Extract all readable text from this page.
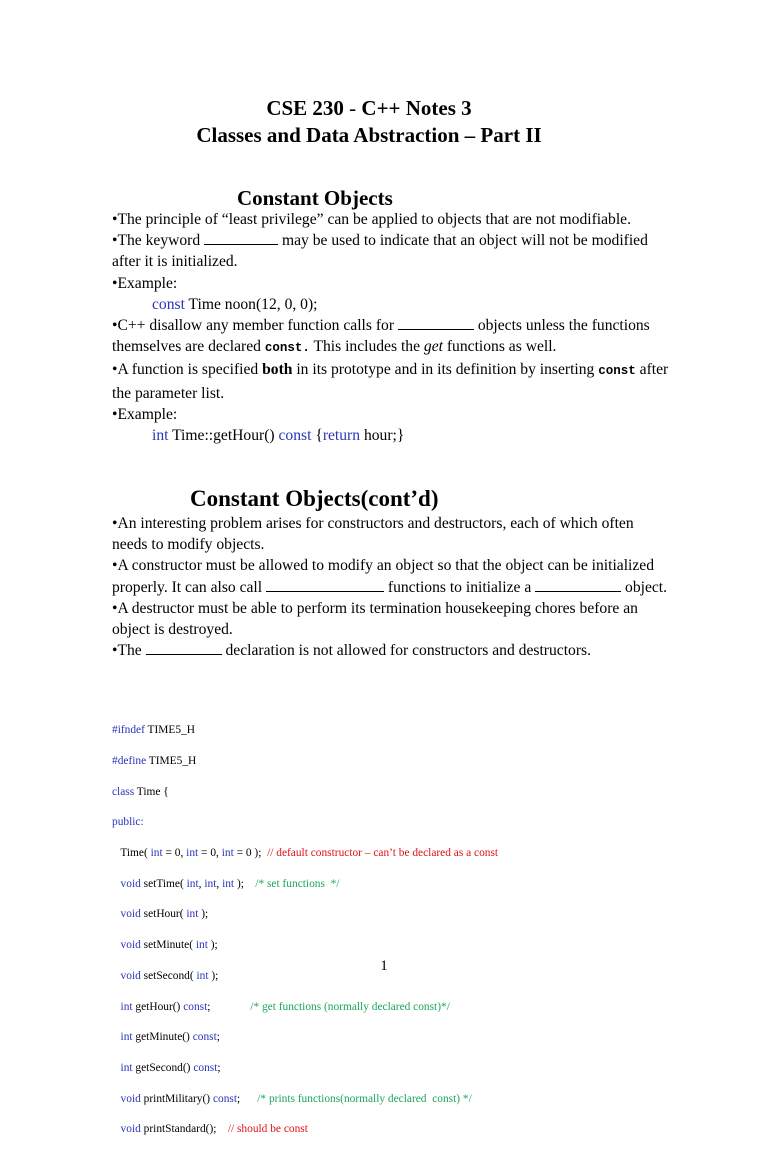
CSE 230 - C++ Notes 3
Classes and Data Abstraction – Part II
Constant Objects

•The principle of “least privilege” can be applied to objects that are not modifiable.

•The keyword	may be used to indicate that an object will not be modified after it is initialized.

•Example:

const Time noon(12, 0, 0);

•C++ disallow any member function calls for	objects unless the functions themselves are declared const. This includes the get functions as well.

•A function is specified both in its prototype and in its definition by inserting const after the parameter list.

•Example:

int Time::getHour() const {return hour;}

Constant Objects(cont’d)

•An interesting problem arises for constructors and destructors, each of which often needs to modify objects.

•A constructor must be allowed to modify an object so that the object can be initialized properly. It can also call	functions to initialize a	object.

•A destructor must be able to perform its termination housekeeping chores before an object is destroyed.

•The	declaration is not allowed for constructors and destructors.

#ifndef TIME5_H

#define TIME5_H

class Time {

public:

Time( int = 0, int = 0, int = 0 );  // default constructor – can’t be declared as a const

void setTime( int, int, int );    /* set functions  */

void setHour( int );

void setMinute( int );

void setSecond( int );

int getHour() const;              /* get functions (normally declared const)*/

int getMinute() const;

int getSecond() const;

void printMilitary() const;      /* prints functions(normally declared  const) */

void printStandard();    // should be const

1
